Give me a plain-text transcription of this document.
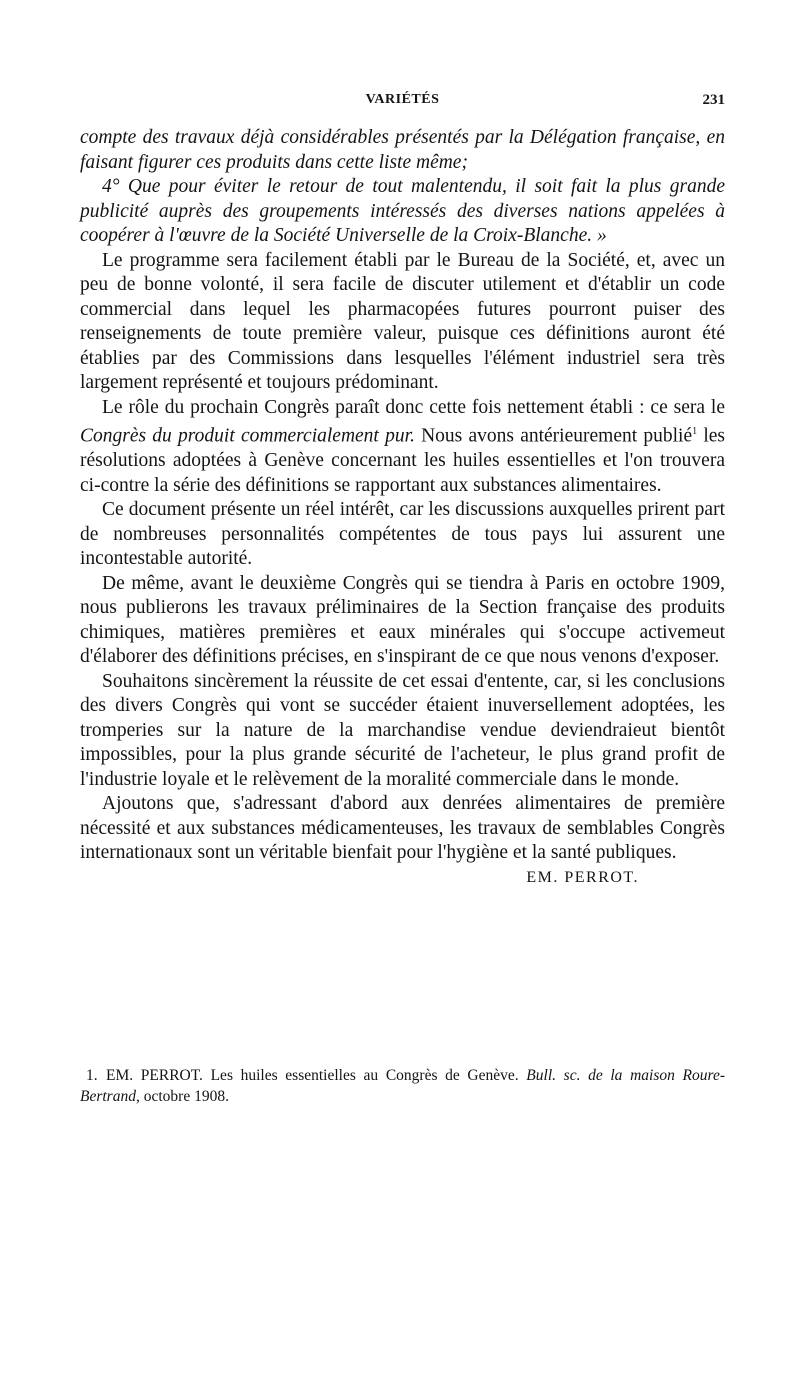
VARIÉTÉS	231

compte des travaux déjà considérables présentés par la Délégation française, en faisant figurer ces produits dans cette liste même;

4° Que pour éviter le retour de tout malentendu, il soit fait la plus grande publicité auprès des groupements intéressés des diverses nations appelées à coopérer à l'œuvre de la Société Universelle de la Croix-Blanche. »

Le programme sera facilement établi par le Bureau de la Société, et, avec un peu de bonne volonté, il sera facile de discuter utilement et d'établir un code commercial dans lequel les pharmacopées futures pourront puiser des renseignements de toute première valeur, puisque ces définitions auront été établies par des Commissions dans lesquelles l'élément industriel sera très largement représenté et toujours prédominant.

Le rôle du prochain Congrès paraît donc cette fois nettement établi : ce sera le Congrès du produit commercialement pur. Nous avons antérieurement publié$^1$ les résolutions adoptées à Genève concernant les huiles essentielles et l'on trouvera ci-contre la série des définitions se rapportant aux substances alimentaires.

Ce document présente un réel intérêt, car les discussions auxquelles prirent part de nombreuses personnalités compétentes de tous pays lui assurent une incontestable autorité.

De même, avant le deuxième Congrès qui se tiendra à Paris en octobre 1909, nous publierons les travaux préliminaires de la Section française des produits chimiques, matières premières et eaux minérales qui s'occupe activemeut d'élaborer des définitions précises, en s'inspirant de ce que nous venons d'exposer.

Souhaitons sincèrement la réussite de cet essai d'entente, car, si les conclusions des divers Congrès qui vont se succéder étaient inuversellement adoptées, les tromperies sur la nature de la marchandise vendue deviendraieut bientôt impossibles, pour la plus grande sécurité de l'acheteur, le plus grand profit de l'industrie loyale et le relèvement de la moralité commerciale dans le monde.

Ajoutons que, s'adressant d'abord aux denrées alimentaires de première nécessité et aux substances médicamenteuses, les travaux de semblables Congrès internationaux sont un véritable bienfait pour l'hygiène et la santé publiques.

EM. PERROT.

1. EM. PERROT. Les huiles essentielles au Congrès de Genève. Bull. sc. de la maison Roure-Bertrand, octobre 1908.
